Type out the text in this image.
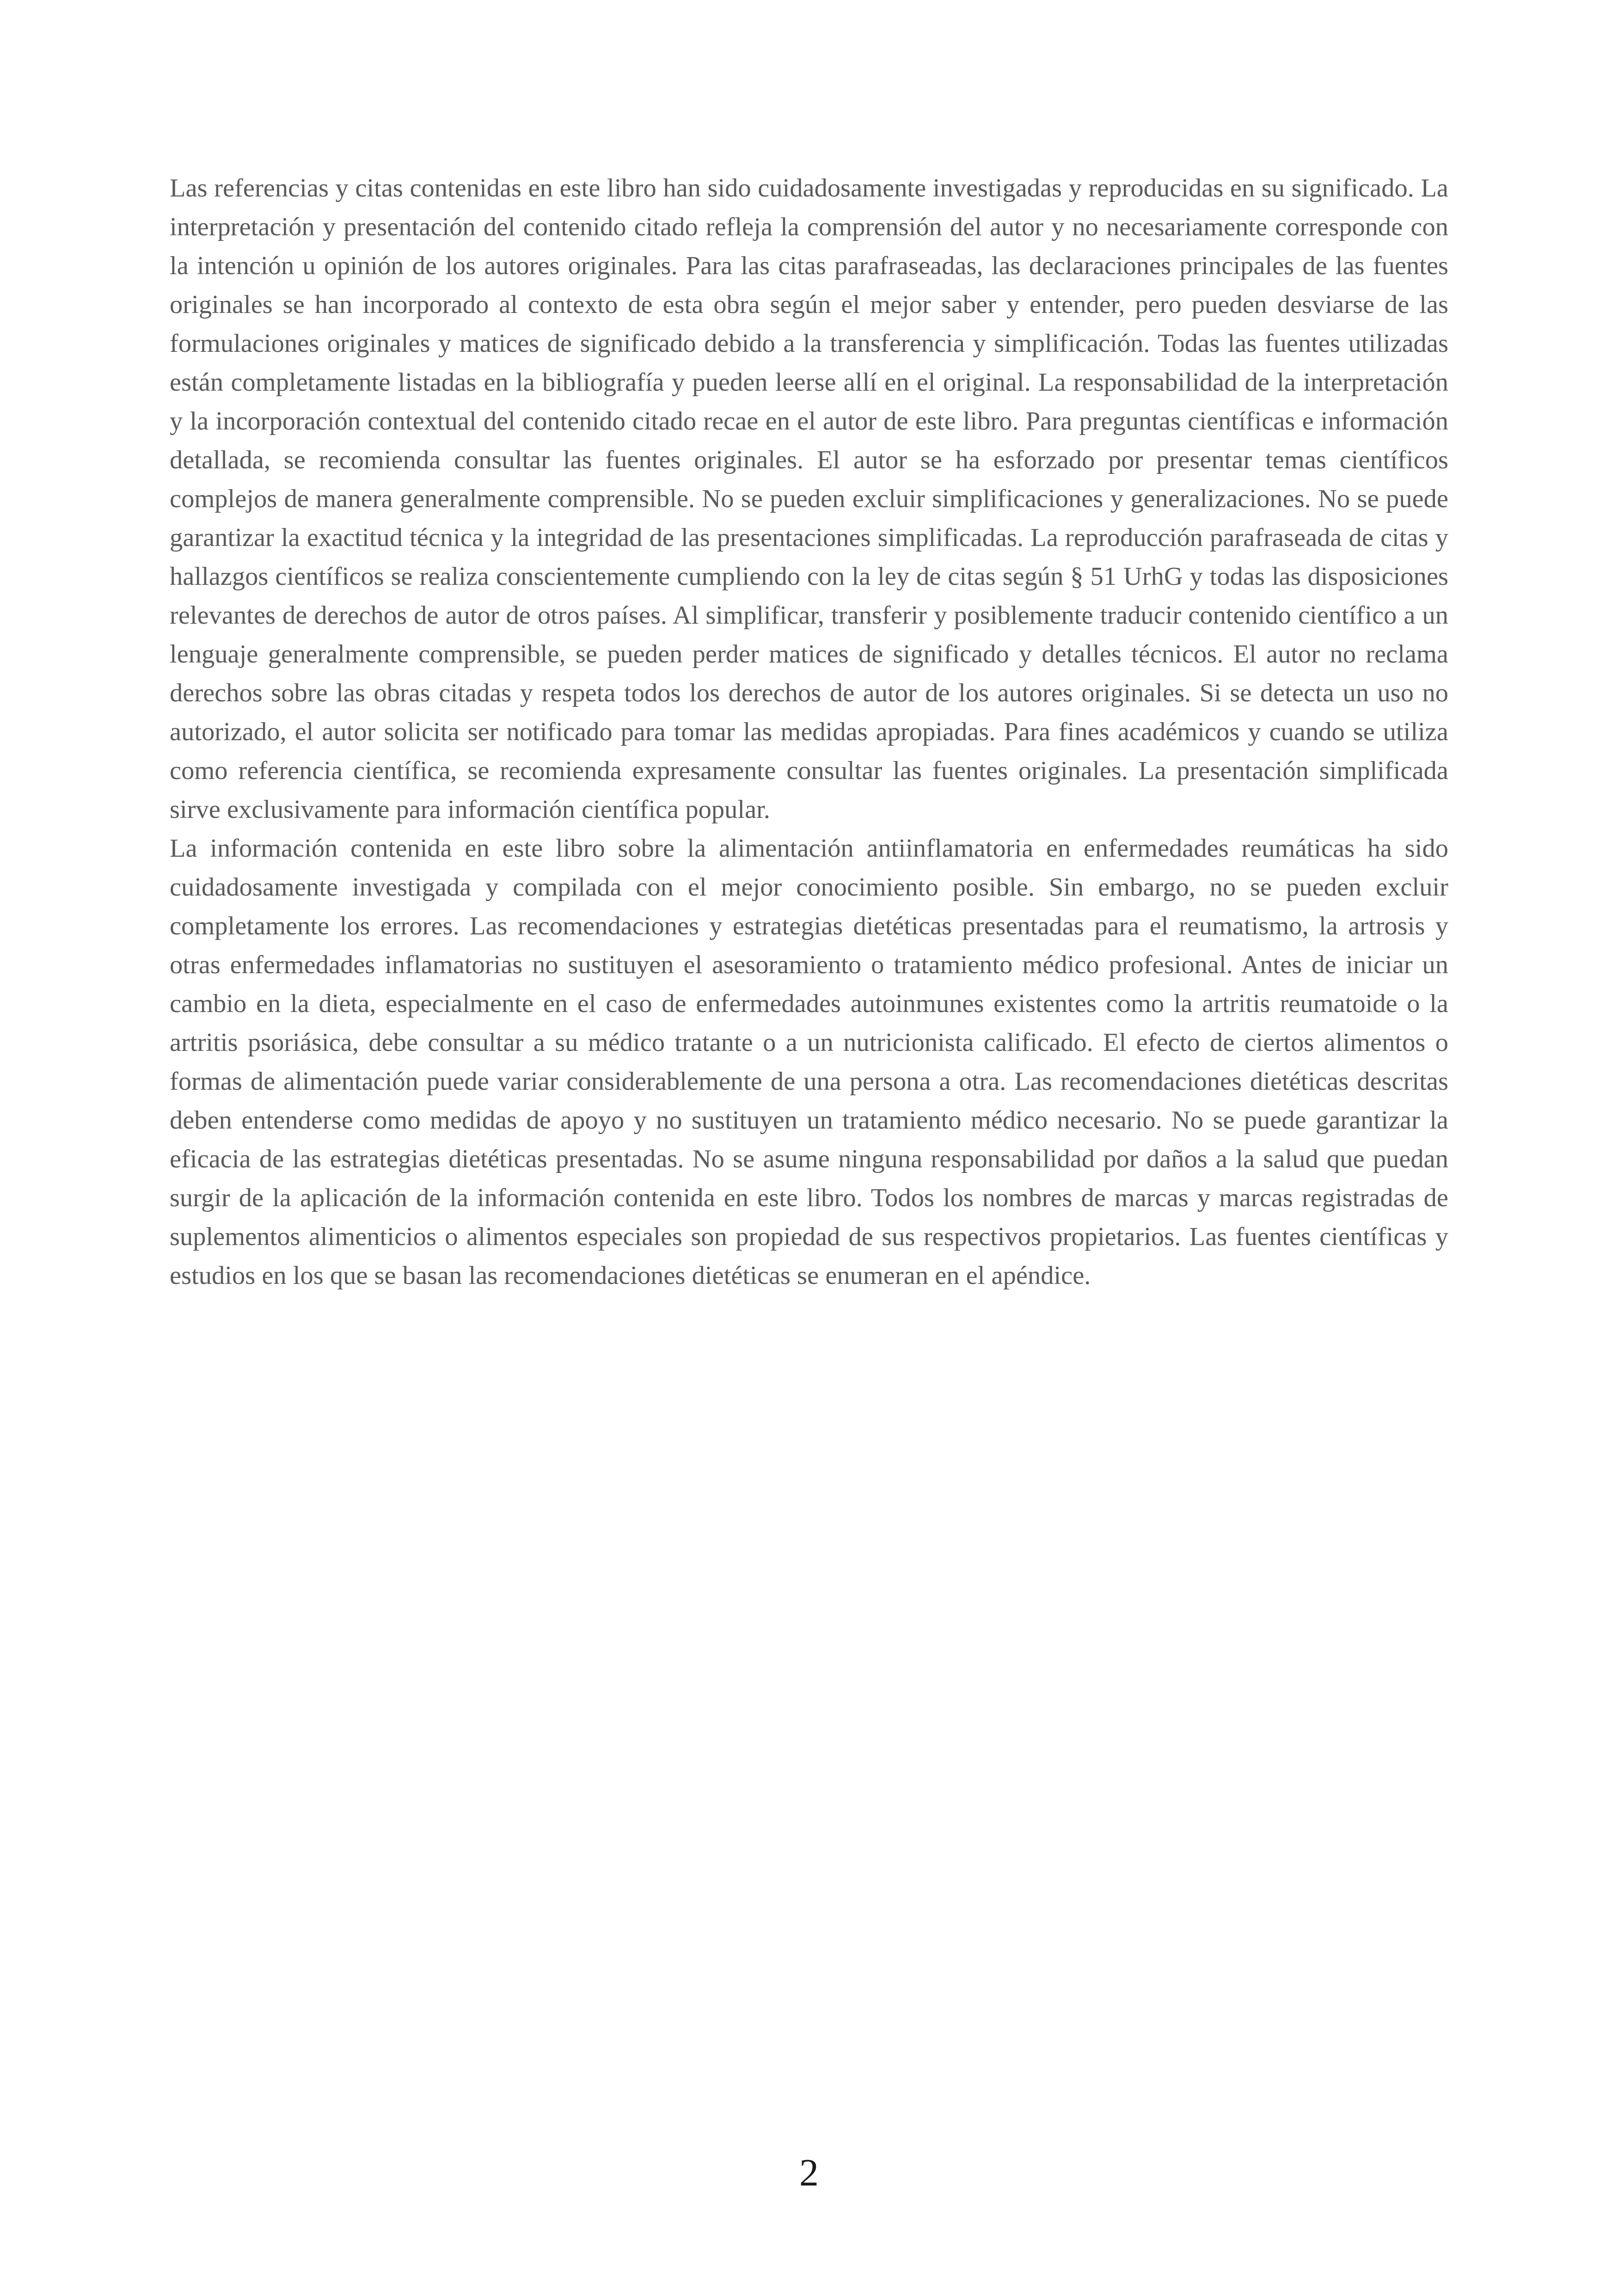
Las referencias y citas contenidas en este libro han sido cuidadosamente investigadas y reproducidas en su significado. La interpretación y presentación del contenido citado refleja la comprensión del autor y no necesariamente corresponde con la intención u opinión de los autores originales. Para las citas parafraseadas, las declaraciones principales de las fuentes originales se han incorporado al contexto de esta obra según el mejor saber y entender, pero pueden desviarse de las formulaciones originales y matices de significado debido a la transferencia y simplificación. Todas las fuentes utilizadas están completamente listadas en la bibliografía y pueden leerse allí en el original. La responsabilidad de la interpretación y la incorporación contextual del contenido citado recae en el autor de este libro. Para preguntas científicas e información detallada, se recomienda consultar las fuentes originales. El autor se ha esforzado por presentar temas científicos complejos de manera generalmente comprensible. No se pueden excluir simplificaciones y generalizaciones. No se puede garantizar la exactitud técnica y la integridad de las presentaciones simplificadas. La reproducción parafraseada de citas y hallazgos científicos se realiza conscientemente cumpliendo con la ley de citas según § 51 UrhG y todas las disposiciones relevantes de derechos de autor de otros países. Al simplificar, transferir y posiblemente traducir contenido científico a un lenguaje generalmente comprensible, se pueden perder matices de significado y detalles técnicos. El autor no reclama derechos sobre las obras citadas y respeta todos los derechos de autor de los autores originales. Si se detecta un uso no autorizado, el autor solicita ser notificado para tomar las medidas apropiadas. Para fines académicos y cuando se utiliza como referencia científica, se recomienda expresamente consultar las fuentes originales. La presentación simplificada sirve exclusivamente para información científica popular.

La información contenida en este libro sobre la alimentación antiinflamatoria en enfermedades reumáticas ha sido cuidadosamente investigada y compilada con el mejor conocimiento posible. Sin embargo, no se pueden excluir completamente los errores. Las recomendaciones y estrategias dietéticas presentadas para el reumatismo, la artrosis y otras enfermedades inflamatorias no sustituyen el asesoramiento o tratamiento médico profesional. Antes de iniciar un cambio en la dieta, especialmente en el caso de enfermedades autoinmunes existentes como la artritis reumatoide o la artritis psoriásica, debe consultar a su médico tratante o a un nutricionista calificado. El efecto de ciertos alimentos o formas de alimentación puede variar considerablemente de una persona a otra. Las recomendaciones dietéticas descritas deben entenderse como medidas de apoyo y no sustituyen un tratamiento médico necesario. No se puede garantizar la eficacia de las estrategias dietéticas presentadas. No se asume ninguna responsabilidad por daños a la salud que puedan surgir de la aplicación de la información contenida en este libro. Todos los nombres de marcas y marcas registradas de suplementos alimenticios o alimentos especiales son propiedad de sus respectivos propietarios. Las fuentes científicas y estudios en los que se basan las recomendaciones dietéticas se enumeran en el apéndice.

2
